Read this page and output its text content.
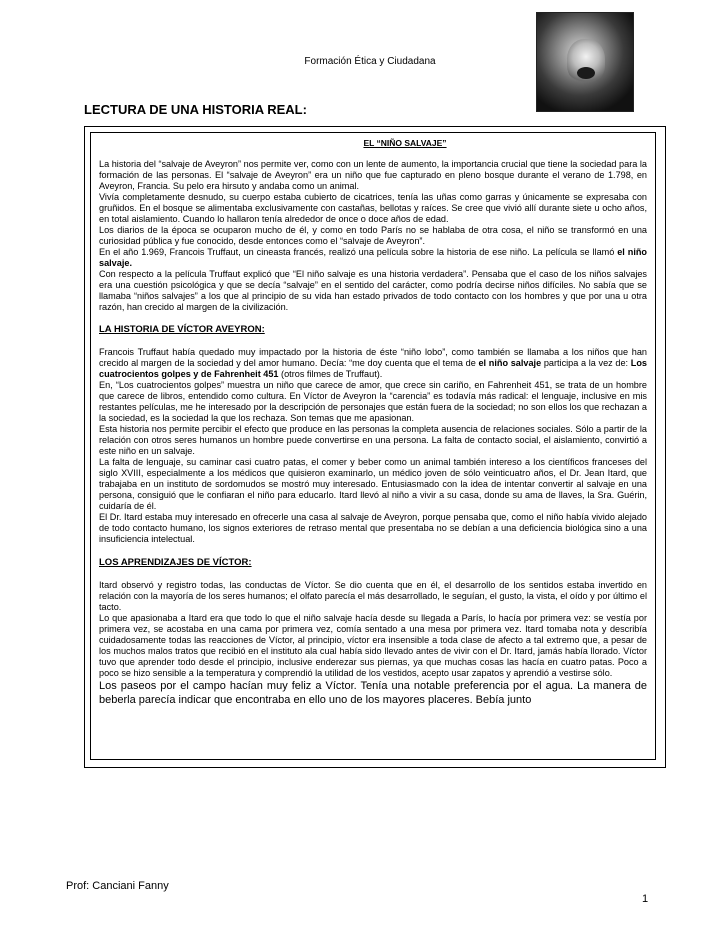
Formación Ética y Ciudadana
LECTURA DE UNA HISTORIA REAL:
EL “NIÑO SALVAJE”

La historia del “salvaje de Aveyron” nos permite ver, como con un lente de aumento, la importancia crucial que tiene la sociedad para la formación de las personas. El “salvaje de Aveyron” era un niño que fue capturado en pleno bosque durante el verano de 1.798, en Aveyron, Francia. Su pelo era hirsuto y andaba como un animal.

Vivía completamente desnudo, su cuerpo estaba cubierto de cicatrices, tenía las uñas como garras y únicamente se expresaba con gruñidos. En el bosque se alimentaba exclusivamente con castañas, bellotas y raíces. Se cree que vivió allí durante siete u ocho años, en total aislamiento. Cuando lo hallaron tenía alrededor de once o doce años de edad.

Los diarios de la época se ocuparon mucho de él, y como en todo París no se hablaba de otra cosa, el niño se transformó en una curiosidad pública y fue conocido, desde entonces como el “salvaje de Aveyron”.

En el año 1.969, Francois Truffaut, un cineasta francés, realizó una película sobre la historia de ese niño. La película se llamó el niño salvaje.

Con respecto a la película Truffaut explicó que “El niño salvaje es una historia verdadera”. Pensaba que el caso de los niños salvajes era una cuestión psicológica y que se decía “salvaje” en el sentido del carácter, como podría decirse niños difíciles. No sabía que se llamaba “niños salvajes” a los que al principio de su vida han estado privados de todo contacto con los hombres y que por una u otra razón, han crecido al margen de la civilización.

LA HISTORIA DE VÍCTOR AVEYRON:

Francois Truffaut había quedado muy impactado por la historia de éste “niño lobo”, como también se llamaba a los niños que han crecido al margen de la sociedad y del amor humano. Decía: “me doy cuenta que el tema de el niño salvaje participa a la vez de: Los cuatrocientos golpes y de Fahrenheit 451 (otros filmes de Truffaut).

En, “Los cuatrocientos golpes” muestra un niño que carece de amor, que crece sin cariño, en Fahrenheit 451, se trata de un hombre que carece de libros, entendido como cultura. En Víctor de Aveyron la “carencia” es todavía más radical: el lenguaje, inclusive en mis restantes películas, me he interesado por la descripción de personajes que están fuera de la sociedad; no son ellos los que rechazan a la sociedad, es la sociedad la que los rechaza. Son temas que me apasionan.

Esta historia nos permite percibir el efecto que produce en las personas la completa ausencia de relaciones sociales. Sólo a partir de la relación con otros seres humanos un hombre puede convertirse en una persona. La falta de contacto social, el aislamiento, convirtió a este niño en un salvaje.

La falta de lenguaje, su caminar casi cuatro patas, el comer y beber como un animal también intereso a los científicos franceses del siglo XVIII, especialmente a los médicos que quisieron examinarlo, un médico joven de sólo veinticuatro años, el Dr. Jean Itard, que trabajaba en un instituto de sordomudos se mostró muy interesado. Entusiasmado con la idea de intentar convertir al salvaje en una persona, consiguió que le confiaran el niño para educarlo. Itard llevó al niño a vivir a su casa, donde su ama de llaves, la Sra. Guérin, cuidaría de él.

El Dr. Itard estaba muy interesado en ofrecerle una casa al salvaje de Aveyron, porque pensaba que, como el niño había vivido alejado de todo contacto humano, los signos exteriores de retraso mental que presentaba no se debían a una deficiencia biológica sino a una insuficiencia intelectual.

LOS APRENDIZAJES DE VÍCTOR:

Itard observó y registro todas, las conductas de Víctor. Se dio cuenta que en él, el desarrollo de los sentidos estaba invertido en relación con la mayoría de los seres humanos; el olfato parecía el más desarrollado, le seguían, el gusto, la vista, el oído y por último el tacto.

Lo que apasionaba a Itard era que todo lo que el niño salvaje hacía desde su llegada a París, lo hacía por primera vez: se vestía por primera vez, se acostaba en una cama por primera vez, comía sentado a una mesa por primera vez. Itard tomaba nota y describía cuidadosamente todas las reacciones de Víctor, al principio, víctor era insensible a toda clase de afecto a tal extremo que, a pesar de los muchos malos tratos que recibió en el instituto ala cual había sido llevado antes de vivir con el Dr. Itard, jamás había llorado. Víctor tuvo que aprender todo desde el principio, inclusive enderezar sus piernas, ya que muchas cosas las hacía en cuatro patas. Poco a poco se hizo sensible a la temperatura y comprendió la utilidad de los vestidos, acepto usar zapatos y aprendió a vestirse sólo.

Los paseos por el campo hacían muy feliz a Víctor. Tenía una notable preferencia por el agua. La manera de beberla parecía indicar que encontraba en ello uno de los mayores placeres. Bebía junto

Prof: Canciani Fanny
1
